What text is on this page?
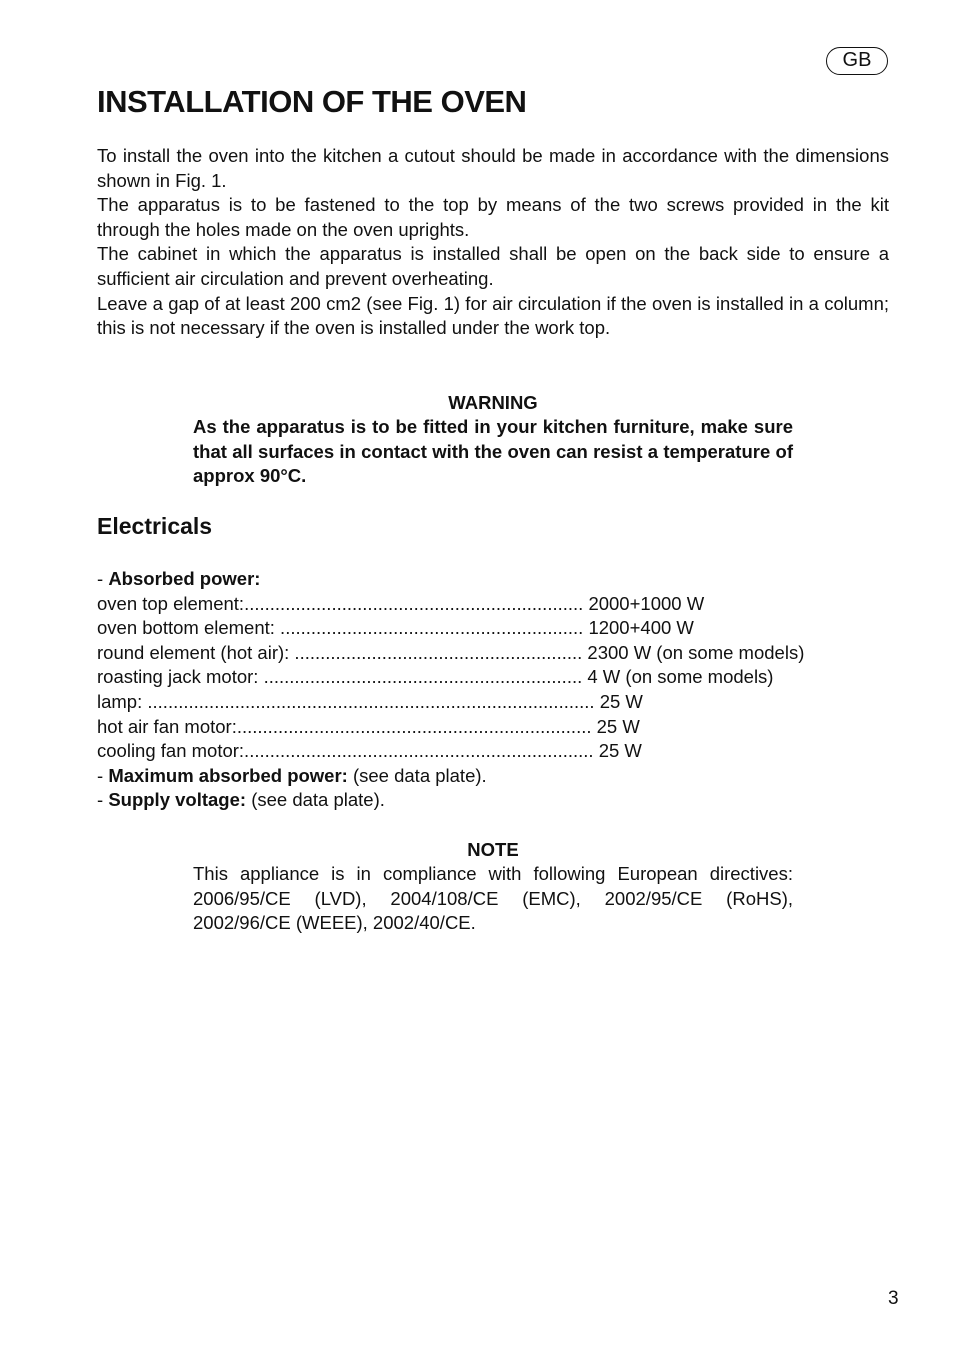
GB
INSTALLATION OF THE OVEN

To install the oven into the kitchen a cutout should be made in accordance with the dimensions shown in Fig. 1.

The apparatus is to be fastened to the top by means of the two screws provided in the kit through the holes made on the oven uprights.

The cabinet in which the apparatus is installed shall be open on the back side to ensure a sufficient air circulation and prevent overheating.

Leave a gap of at least 200 cm2 (see Fig. 1) for air circulation if the oven is installed in a column; this is not necessary if the oven is installed under the work top.

WARNING

As the apparatus is to be fitted in your kitchen furniture, make sure that all surfaces in contact with the oven can resist a temperature of approx 90°C.

Electricals
- Absorbed power:
oven top element:.................................................................. 2000+1000 W
oven bottom element: ........................................................... 1200+400 W
round element (hot air): ........................................................ 2300 W (on some models)
roasting jack motor: .............................................................. 4 W (on some models)
lamp: ....................................................................................... 25 W
hot air fan motor:..................................................................... 25 W
cooling fan motor:.................................................................... 25 W
- Maximum absorbed power: (see data plate).
- Supply voltage: (see data plate).
NOTE

This appliance is in compliance with following European directives: 2006/95/CE (LVD), 2004/108/CE (EMC), 2002/95/CE (RoHS), 2002/96/CE (WEEE), 2002/40/CE.

3
